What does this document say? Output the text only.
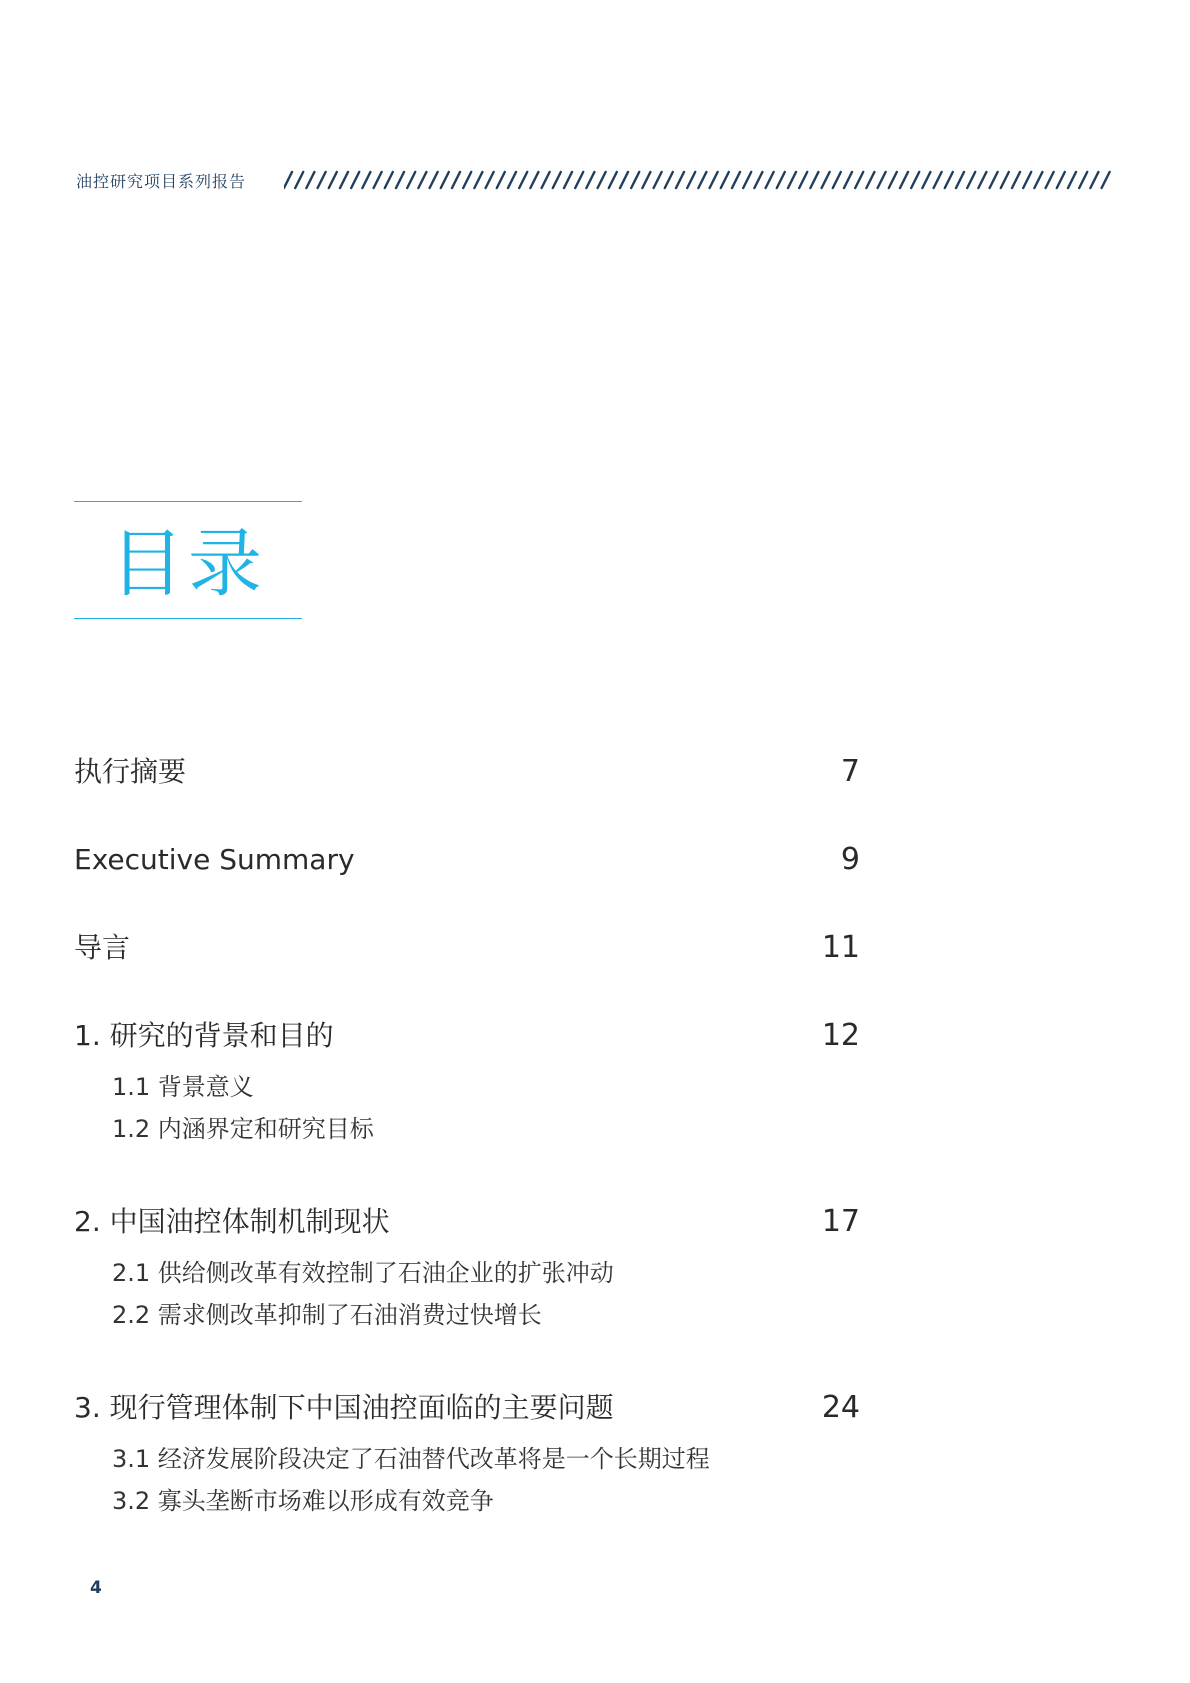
油控研究项目系列报告
目录
执行摘要	7
Executive Summary	9
导言	11
1. 研究的背景和目的	12
1.1 背景意义
1.2 内涵界定和研究目标
2. 中国油控体制机制现状	17
2.1 供给侧改革有效控制了石油企业的扩张冲动
2.2 需求侧改革抑制了石油消费过快增长
3. 现行管理体制下中国油控面临的主要问题	24
3.1 经济发展阶段决定了石油替代改革将是一个长期过程
3.2 寡头垄断市场难以形成有效竞争
4
